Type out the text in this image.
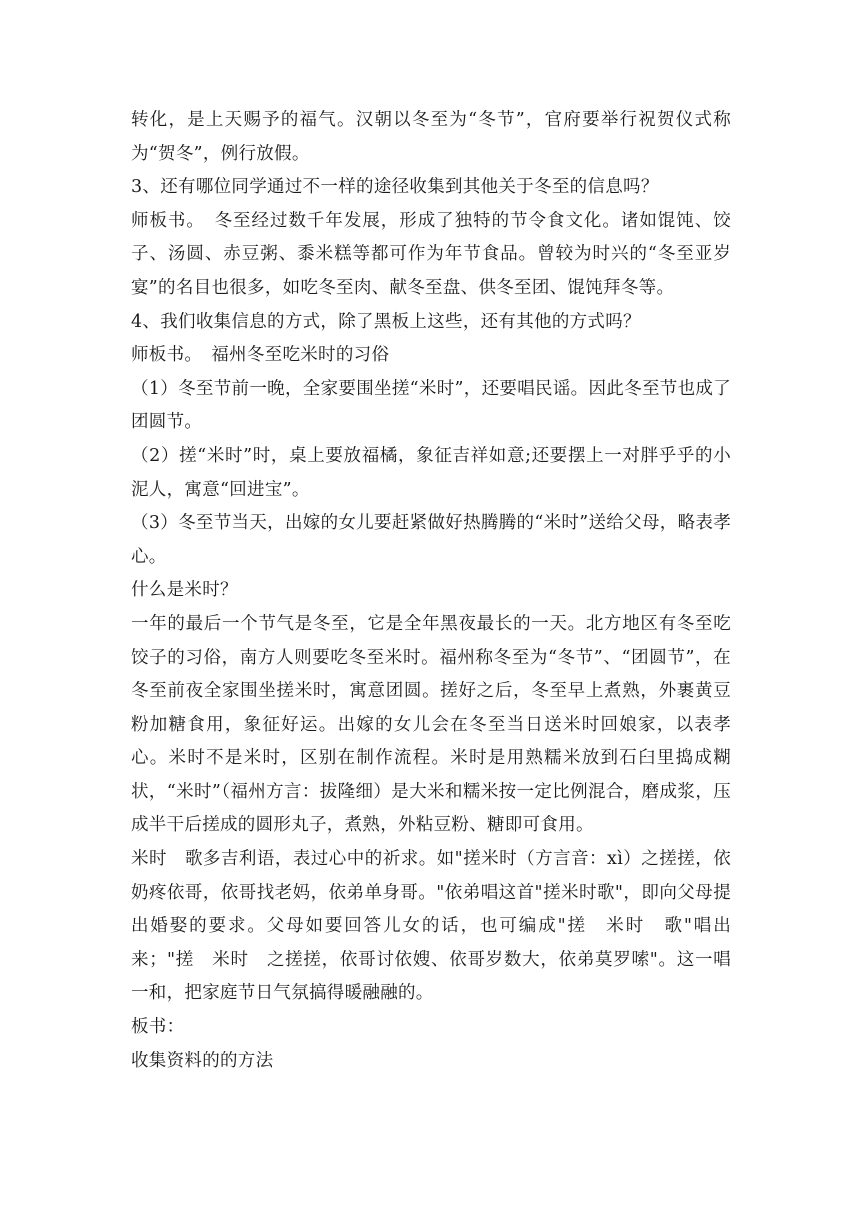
转化，是上天赐予的福气。汉朝以冬至为“冬节”，官府要举行祝贺仪式称为“贺冬”，例行放假。

3、还有哪位同学通过不一样的途径收集到其他关于冬至的信息吗？

师板书。　冬至经过数千年发展，形成了独特的节令食文化。诸如馄饨、饺子、汤圆、赤豆粥、黍米糕等都可作为年节食品。曾较为时兴的“冬至亚岁宴”的名目也很多，如吃冬至肉、献冬至盘、供冬至团、馄饨拜冬等。

4、我们收集信息的方式，除了黑板上这些，还有其他的方式吗？

师板书。　福州冬至吃米时的习俗

（1）冬至节前一晚，全家要围坐搓“米时”，还要唱民谣。因此冬至节也成了团圆节。

（2）搓“米时”时，桌上要放福橘，象征吉祥如意;还要摆上一对胖乎乎的小泥人，寓意“回进宝”。

（3）冬至节当天，出嫁的女儿要赶紧做好热腾腾的“米时”送给父母，略表孝心。

什么是米时？

一年的最后一个节气是冬至，它是全年黑夜最长的一天。北方地区有冬至吃饺子的习俗，南方人则要吃冬至米时。福州称冬至为“冬节”、“团圆节”，在冬至前夜全家围坐搓米时，寓意团圆。搓好之后，冬至早上煮熟，外裹黄豆粉加糖食用，象征好运。出嫁的女儿会在冬至当日送米时回娘家，以表孝心。米时不是米时，区别在制作流程。米时是用熟糯米放到石臼里捣成糊状，“米时”（福州方言：拔隆细）是大米和糯米按一定比例混合，磨成浆，压成半干后搓成的圆形丸子，煮熟，外粘豆粉、糖即可食用。

米时　歌多吉利语，表过心中的祈求。如"搓米时（方言音：xì）之搓搓，依奶疼依哥，依哥找老妈，依弟单身哥。"依弟唱这首"搓米时歌"，即向父母提出婚娶的要求。父母如要回答儿女的话，也可编成"搓　米时　歌"唱出来；"搓　米时　之搓搓，依哥讨依嫂、依哥岁数大，依弟莫罗嗦"。这一唱一和，把家庭节日气氛搞得暖融融的。

板书：

收集资料的的方法
